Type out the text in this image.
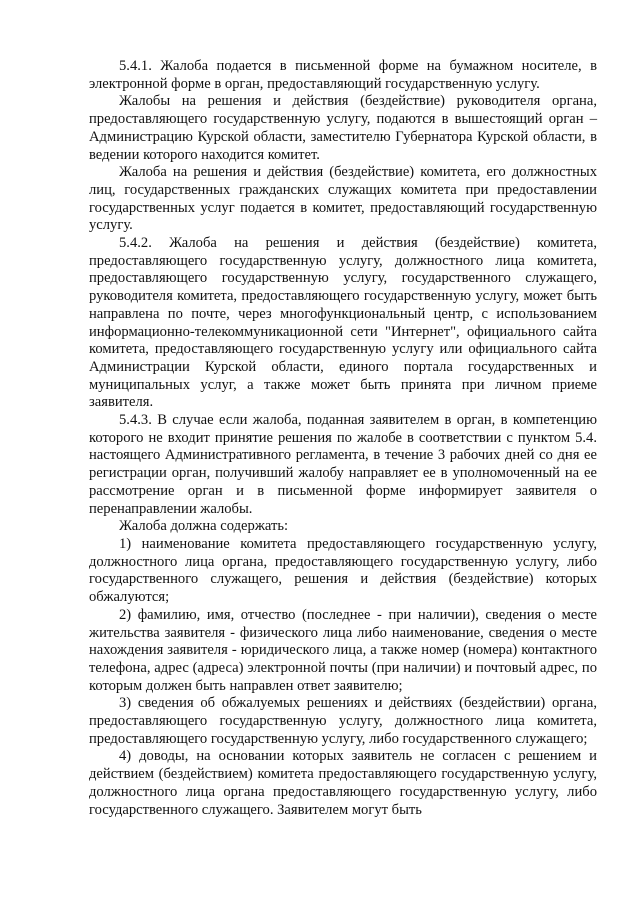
5.4.1. Жалоба подается в письменной форме на бумажном носителе, в электронной форме в орган, предоставляющий государственную услугу.

Жалобы на решения и действия (бездействие) руководителя органа, предоставляющего государственную услугу, подаются в вышестоящий орган – Администрацию Курской области, заместителю Губернатора Курской области, в ведении которого находится комитет.

Жалоба на решения и действия (бездействие) комитета, его должностных лиц, государственных гражданских служащих комитета при предоставлении государственных услуг подается в комитет, предоставляющий государственную услугу.

5.4.2. Жалоба на решения и действия (бездействие) комитета, предоставляющего государственную услугу, должностного лица комитета, предоставляющего государственную услугу, государственного служащего, руководителя комитета, предоставляющего государственную услугу, может быть направлена по почте, через многофункциональный центр, с использованием информационно-телекоммуникационной сети "Интернет", официального сайта комитета, предоставляющего государственную услугу или официального сайта Администрации Курской области, единого портала государственных и муниципальных услуг, а также может быть принята при личном приеме заявителя.

5.4.3. В случае если жалоба, поданная заявителем в орган, в компетенцию которого не входит принятие решения по жалобе в соответствии с пунктом 5.4. настоящего Административного регламента, в течение 3 рабочих дней со дня ее регистрации орган, получивший жалобу направляет ее в уполномоченный на ее рассмотрение орган и в письменной форме информирует заявителя о перенаправлении жалобы.

Жалоба должна содержать:

1) наименование комитета предоставляющего государственную услугу, должностного лица органа, предоставляющего государственную услугу, либо государственного служащего, решения и действия (бездействие) которых обжалуются;

2) фамилию, имя, отчество (последнее - при наличии), сведения о месте жительства заявителя - физического лица либо наименование, сведения о месте нахождения заявителя - юридического лица, а также номер (номера) контактного телефона, адрес (адреса) электронной почты (при наличии) и почтовый адрес, по которым должен быть направлен ответ заявителю;

3) сведения об обжалуемых решениях и действиях (бездействии) органа, предоставляющего государственную услугу, должностного лица комитета, предоставляющего государственную услугу, либо государственного служащего;

4) доводы, на основании которых заявитель не согласен с решением и действием (бездействием) комитета предоставляющего государственную услугу, должностного лица органа предоставляющего государственную услугу, либо государственного служащего. Заявителем могут быть
